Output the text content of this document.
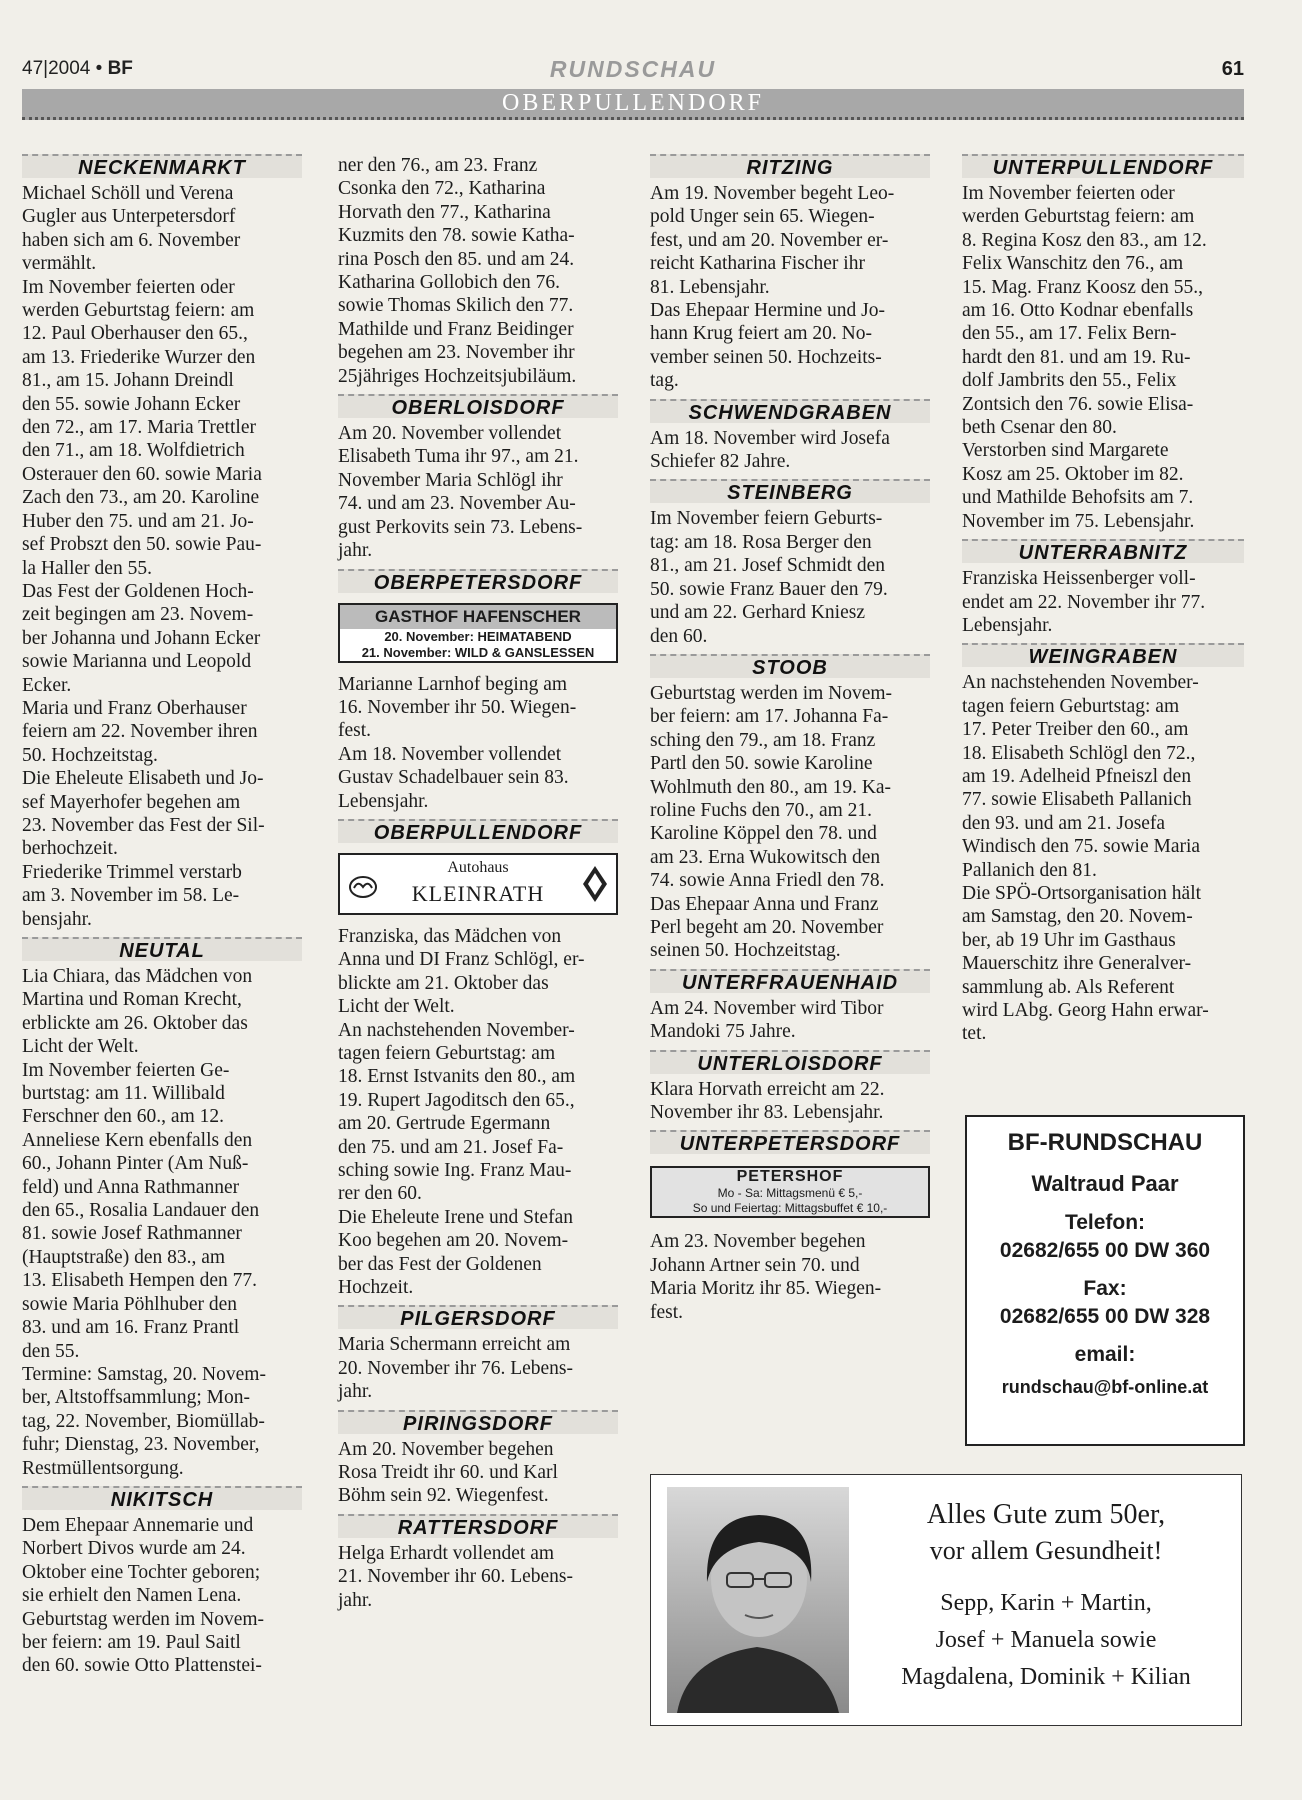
47|2004 • BF	RUNDSCHAU	61
OBERPULLENDORF
NECKENMARKT
Michael Schöll und Verena
Gugler aus Unterpetersdorf
haben sich am 6. November
vermählt.
Im November feierten oder
werden Geburtstag feiern: am
12. Paul Oberhauser den 65.,
am 13. Friederike Wurzer den
81., am 15. Johann Dreindl
den 55. sowie Johann Ecker
den 72., am 17. Maria Trettler
den 71., am 18. Wolfdietrich
Osterauer den 60. sowie Maria
Zach den 73., am 20. Karoline
Huber den 75. und am 21. Jo-
sef Probszt den 50. sowie Pau-
la Haller den 55.
Das Fest der Goldenen Hoch-
zeit begingen am 23. Novem-
ber Johanna und Johann Ecker
sowie Marianna und Leopold
Ecker.
Maria und Franz Oberhauser
feiern am 22. November ihren
50. Hochzeitstag.
Die Eheleute Elisabeth und Jo-
sef Mayerhofer begehen am
23. November das Fest der Sil-
berhochzeit.
Friederike Trimmel verstarb
am 3. November im 58. Le-
bensjahr.
NEUTAL
Lia Chiara, das Mädchen von
Martina und Roman Krecht,
erblickte am 26. Oktober das
Licht der Welt.
Im November feierten Ge-
burtstag: am 11. Willibald
Ferschner den 60., am 12.
Anneliese Kern ebenfalls den
60., Johann Pinter (Am Nuß-
feld) und Anna Rathmanner
den 65., Rosalia Landauer den
81. sowie Josef Rathmanner
(Hauptstraße) den 83., am
13. Elisabeth Hempen den 77.
sowie Maria Pöhlhuber den
83. und am 16. Franz Prantl
den 55.
Termine: Samstag, 20. Novem-
ber, Altstoffsammlung; Mon-
tag, 22. November, Biomüllab-
fuhr; Dienstag, 23. November,
Restmüllentsorgung.
NIKITSCH
Dem Ehepaar Annemarie und
Norbert Divos wurde am 24.
Oktober eine Tochter geboren;
sie erhielt den Namen Lena.
Geburtstag werden im Novem-
ber feiern: am 19. Paul Saitl
den 60. sowie Otto Plattenstei-
ner den 76., am 23. Franz
Csonka den 72., Katharina
Horvath den 77., Katharina
Kuzmits den 78. sowie Katha-
rina Posch den 85. und am 24.
Katharina Gollobich den 76.
sowie Thomas Skilich den 77.
Mathilde und Franz Beidinger
begehen am 23. November ihr
25jähriges Hochzeitsjubiläum.
OBERLOISDORF
Am 20. November vollendet
Elisabeth Tuma ihr 97., am 21.
November Maria Schlögl ihr
74. und am 23. November Au-
gust Perkovits sein 73. Lebens-
jahr.
OBERPETERSDORF
GASTHOF HAFENSCHER
20. November: HEIMATABEND
21. November: WILD & GANSLESSEN
Marianne Larnhof beging am
16. November ihr 50. Wiegen-
fest.
Am 18. November vollendet
Gustav Schadelbauer sein 83.
Lebensjahr.
OBERPULLENDORF
Autohaus
KLEINRATH
Franziska, das Mädchen von
Anna und DI Franz Schlögl, er-
blickte am 21. Oktober das
Licht der Welt.
An nachstehenden November-
tagen feiern Geburtstag: am
18. Ernst Istvanits den 80., am
19. Rupert Jagoditsch den 65.,
am 20. Gertrude Egermann
den 75. und am 21. Josef Fa-
sching sowie Ing. Franz Mau-
rer den 60.
Die Eheleute Irene und Stefan
Koo begehen am 20. Novem-
ber das Fest der Goldenen
Hochzeit.
PILGERSDORF
Maria Schermann erreicht am
20. November ihr 76. Lebens-
jahr.
PIRINGSDORF
Am 20. November begehen
Rosa Treidt ihr 60. und Karl
Böhm sein 92. Wiegenfest.
RATTERSDORF
Helga Erhardt vollendet am
21. November ihr 60. Lebens-
jahr.
RITZING
Am 19. November begeht Leo-
pold Unger sein 65. Wiegen-
fest, und am 20. November er-
reicht Katharina Fischer ihr
81. Lebensjahr.
Das Ehepaar Hermine und Jo-
hann Krug feiert am 20. No-
vember seinen 50. Hochzeits-
tag.
SCHWENDGRABEN
Am 18. November wird Josefa
Schiefer 82 Jahre.
STEINBERG
Im November feiern Geburts-
tag: am 18. Rosa Berger den
81., am 21. Josef Schmidt den
50. sowie Franz Bauer den 79.
und am 22. Gerhard Kniesz
den 60.
STOOB
Geburtstag werden im Novem-
ber feiern: am 17. Johanna Fa-
sching den 79., am 18. Franz
Partl den 50. sowie Karoline
Wohlmuth den 80., am 19. Ka-
roline Fuchs den 70., am 21.
Karoline Köppel den 78. und
am 23. Erna Wukowitsch den
74. sowie Anna Friedl den 78.
Das Ehepaar Anna und Franz
Perl begeht am 20. November
seinen 50. Hochzeitstag.
UNTERFRAUENHAID
Am 24. November wird Tibor
Mandoki 75 Jahre.
UNTERLOISDORF
Klara Horvath erreicht am 22.
November ihr 83. Lebensjahr.
UNTERPETERSDORF
PETERSHOF
Mo - Sa: Mittagsmenü € 5,-
So und Feiertag: Mittagsbuffet € 10,-
Am 23. November begehen
Johann Artner sein 70. und
Maria Moritz ihr 85. Wiegen-
fest.
UNTERPULLENDORF
Im November feierten oder
werden Geburtstag feiern: am
8. Regina Kosz den 83., am 12.
Felix Wanschitz den 76., am
15. Mag. Franz Koosz den 55.,
am 16. Otto Kodnar ebenfalls
den 55., am 17. Felix Bern-
hardt den 81. und am 19. Ru-
dolf Jambrits den 55., Felix
Zontsich den 76. sowie Elisa-
beth Csenar den 80.
Verstorben sind Margarete
Kosz am 25. Oktober im 82.
und Mathilde Behofsits am 7.
November im 75. Lebensjahr.
UNTERRABNITZ
Franziska Heissenberger voll-
endet am 22. November ihr 77.
Lebensjahr.
WEINGRABEN
An nachstehenden November-
tagen feiern Geburtstag: am
17. Peter Treiber den 60., am
18. Elisabeth Schlögl den 72.,
am 19. Adelheid Pfneiszl den
77. sowie Elisabeth Pallanich
den 93. und am 21. Josefa
Windisch den 75. sowie Maria
Pallanich den 81.
Die SPÖ-Ortsorganisation hält
am Samstag, den 20. Novem-
ber, ab 19 Uhr im Gasthaus
Mauerschitz ihre Generalver-
sammlung ab. Als Referent
wird LAbg. Georg Hahn erwar-
tet.
BF-RUNDSCHAU
Waltraud Paar
Telefon:
02682/655 00 DW 360
Fax:
02682/655 00 DW 328
email:
rundschau@bf-online.at

Alles Gute zum 50er,

vor allem Gesundheit!

Sepp, Karin + Martin,

Josef + Manuela sowie

Magdalena, Dominik + Kilian
